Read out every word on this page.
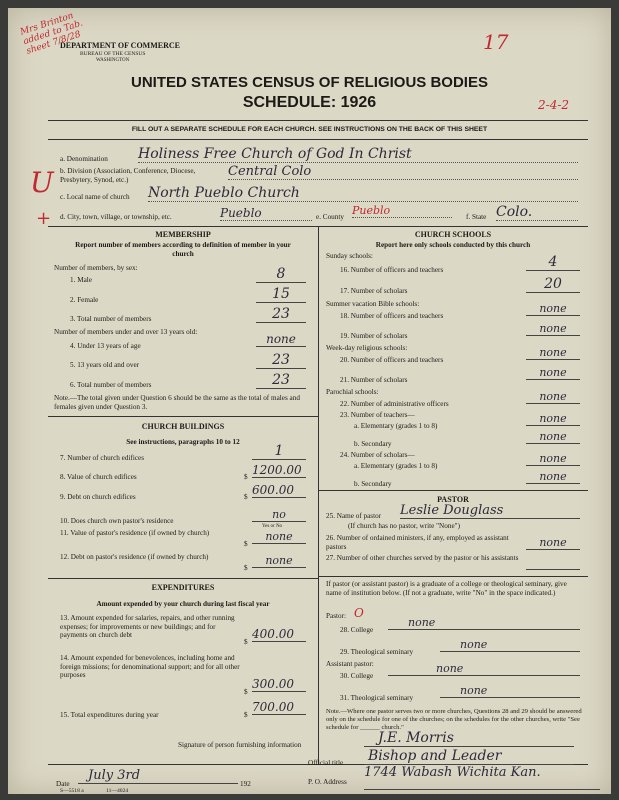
Mrs Brinton added to Tab. sheet 7/8/28	17
2-4-2
U
+
DEPARTMENT OF COMMERCE
BUREAU OF THE CENSUS
WASHINGTON
UNITED STATES CENSUS OF RELIGIOUS BODIES
SCHEDULE: 1926
FILL OUT A SEPARATE SCHEDULE FOR EACH CHURCH. SEE INSTRUCTIONS ON THE BACK OF THIS SHEET
a. Denomination Holiness Free Church of God In Christ
b. Division (Association, Conference, Diocese, Presbytery, Synod, etc.)
Central Colo
c. Local name of church North Pueblo Church
d. City, town, village, or township, etc.	Pueblo	e. County Pueblo	f. State Colo.
MEMBERSHIP
Report number of members according to definition of member in your church
Number of members, by sex:
1. Male	8
2. Female	15
3. Total number of members	23
Number of members under and over 13 years old:
4. Under 13 years of age	none
5. 13 years old and over	23
6. Total number of members	23
Note.—The total given under Question 6 should be the same as the total of males and females given under Question 3.
CHURCH BUILDINGS
See instructions, paragraphs 10 to 12
7. Number of church edifices	1
8. Value of church edifices	$ 1200.00
9. Debt on church edifices	$ 600.00
10. Does church own pastor's residence	no
Yes or No
11. Value of pastor's residence (if owned by church)
$
none
12. Debt on pastor's residence (if owned by church)
$
none
EXPENDITURES
Amount expended by your church during last fiscal year
13. Amount expended for salaries, repairs, and other running expenses; for improvements or new buildings; and for payments on church debt
$
400.00
14. Amount expended for benevolences, including home and foreign missions; for denominational support; and for all other purposes
$
300.00
15. Total expenditures during year	$
700.00
CHURCH SCHOOLS
Report here only schools conducted by this church
Sunday schools:
16. Number of officers and teachers	4
17. Number of scholars	20
Summer vacation Bible schools:
18. Number of officers and teachers
none
19. Number of scholars
none
Week-day religious schools:
20. Number of officers and teachers
none
21. Number of scholars
none
Parochial schools:
22. Number of administrative officers
none
23. Number of teachers—
a. Elementary (grades 1 to 8)
none
b. Secondary
none
24. Number of scholars—
a. Elementary (grades 1 to 8)
none
b. Secondary
none
PASTOR
25. Name of pastor Leslie Douglass
(If church has no pastor, write "None")
26. Number of ordained ministers, if any, employed as assistant pastors	none
27. Number of other churches served by the pastor or his assistants
If pastor (or assistant pastor) is a graduate of a college or theological seminary, give name of institution below. (If not a graduate, write "No" in the space indicated.)
Pastor: O
28. College
none
29. Theological seminary
none
Assistant pastor:
30. College
none
31. Theological seminary
none
Note.—Where one pastor serves two or more churches, Questions 28 and 29 should be answered only on the schedule for one of the churches; on the schedules for the other churches, write "See schedule for ______ church."
Signature of person furnishing information	J.E. Morris
Official title Bishop and Leader
Date
July 3rd
192	P. O. Address
1744 Wabash Wichita Kan.
S—5518 a	11—4024
